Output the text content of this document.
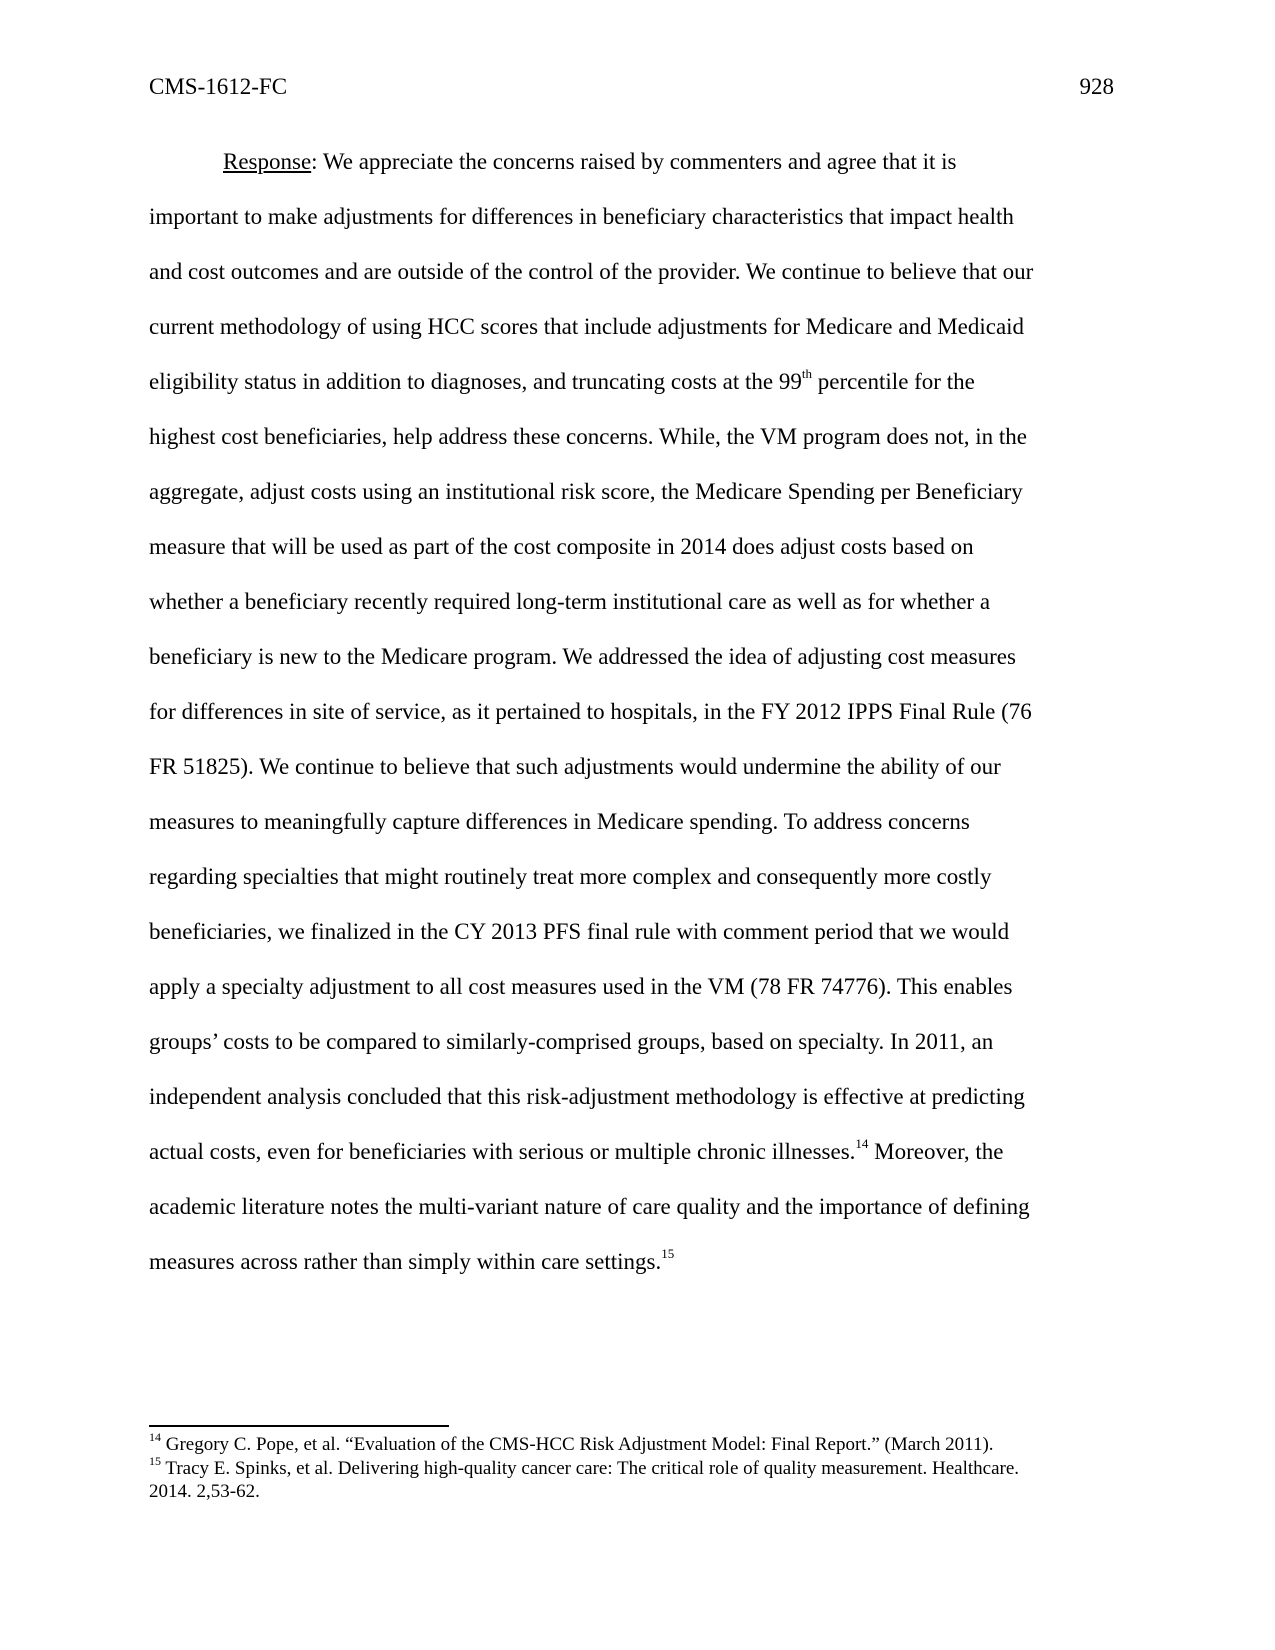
CMS-1612-FC	928
Response: We appreciate the concerns raised by commenters and agree that it is
important to make adjustments for differences in beneficiary characteristics that impact health
and cost outcomes and are outside of the control of the provider. We continue to believe that our
current methodology of using HCC scores that include adjustments for Medicare and Medicaid
eligibility status in addition to diagnoses, and truncating costs at the 99th percentile for the
highest cost beneficiaries, help address these concerns. While, the VM program does not, in the
aggregate, adjust costs using an institutional risk score, the Medicare Spending per Beneficiary
measure that will be used as part of the cost composite in 2014 does adjust costs based on
whether a beneficiary recently required long-term institutional care as well as for whether a
beneficiary is new to the Medicare program. We addressed the idea of adjusting cost measures
for differences in site of service, as it pertained to hospitals, in the FY 2012 IPPS Final Rule (76
FR 51825). We continue to believe that such adjustments would undermine the ability of our
measures to meaningfully capture differences in Medicare spending. To address concerns
regarding specialties that might routinely treat more complex and consequently more costly
beneficiaries, we finalized in the CY 2013 PFS final rule with comment period that we would
apply a specialty adjustment to all cost measures used in the VM (78 FR 74776). This enables
groups’ costs to be compared to similarly-comprised groups, based on specialty. In 2011, an
independent analysis concluded that this risk-adjustment methodology is effective at predicting
actual costs, even for beneficiaries with serious or multiple chronic illnesses.$^{14}$ Moreover, the
academic literature notes the multi-variant nature of care quality and the importance of defining
measures across rather than simply within care settings.$^{15}$
$^{14}$ Gregory C. Pope, et al. “Evaluation of the CMS-HCC Risk Adjustment Model: Final Report.” (March 2011).
$^{15}$ Tracy E. Spinks, et al. Delivering high-quality cancer care: The critical role of quality measurement. Healthcare.
2014. 2,53-62.
